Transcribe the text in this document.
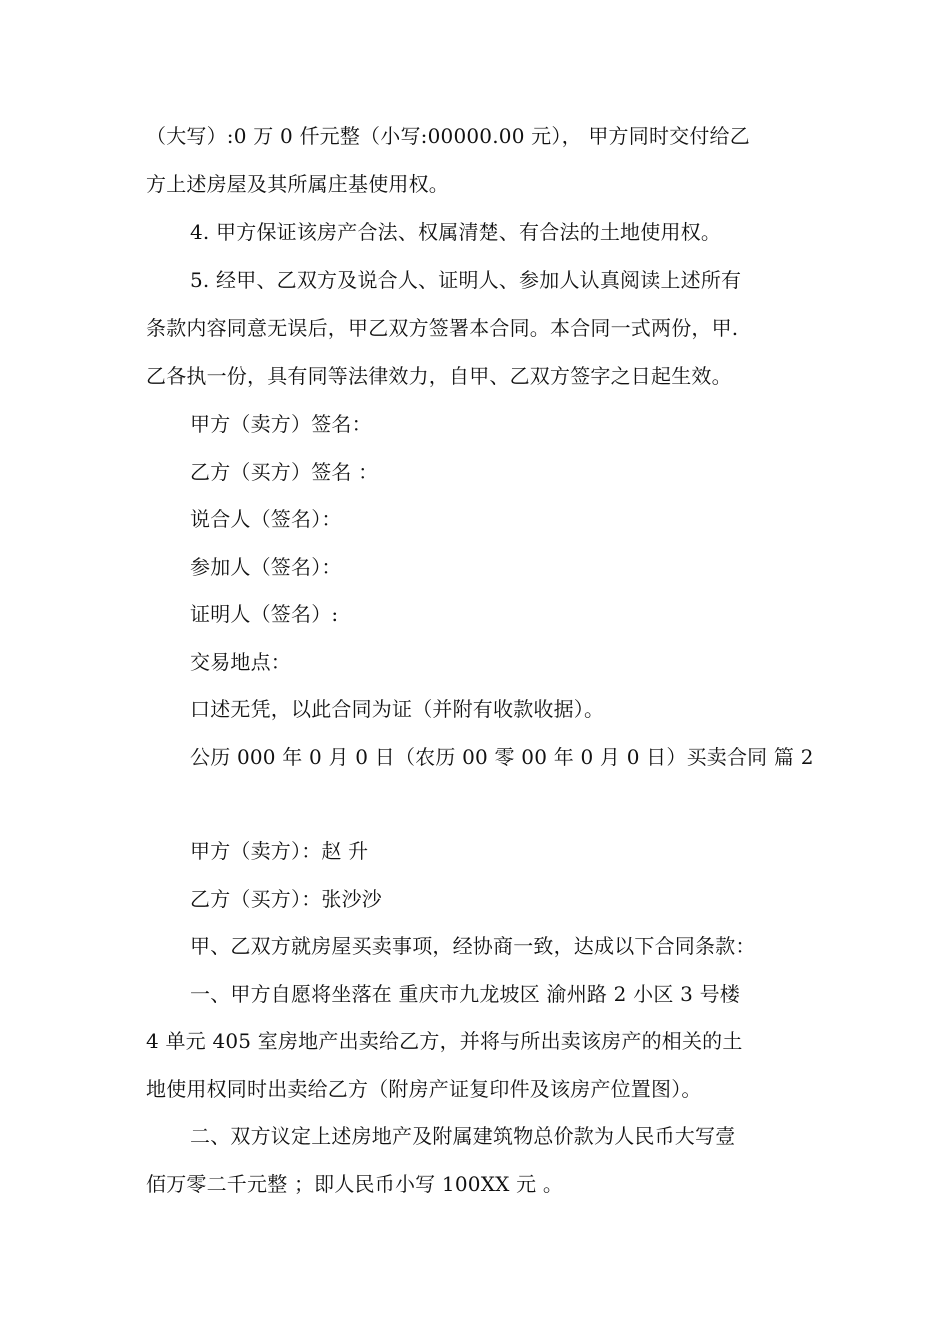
（大写）:0 万 0 仟元整（小写:00000.00 元）， 甲方同时交付给乙
方上述房屋及其所属庄基使用权。
4. 甲方保证该房产合法、权属清楚、有合法的土地使用权。
5. 经甲、乙双方及说合人、证明人、参加人认真阅读上述所有
条款内容同意无误后，甲乙双方签署本合同。本合同一式两份，甲.
乙各执一份，具有同等法律效力，自甲、乙双方签字之日起生效。
甲方（卖方）签名：
乙方（买方）签名 ：
说合人（签名）：
参加人（签名）：
证明人（签名）:
交易地点：
口述无凭，以此合同为证（并附有收款收据）。
公历 000 年 0 月 0 日（农历 00 零 00 年 0 月 0 日）买卖合同 篇 2
甲方（卖方）：赵 升
乙方（买方）：张沙沙
甲、乙双方就房屋买卖事项，经协商一致，达成以下合同条款：
一、甲方自愿将坐落在 重庆市九龙坡区 渝州路 2 小区 3 号楼
4 单元 405 室房地产出卖给乙方，并将与所出卖该房产的相关的土
地使用权同时出卖给乙方（附房产证复印件及该房产位置图）。
二、双方议定上述房地产及附属建筑物总价款为人民币大写壹
佰万零二千元整 ；即人民币小写 100XX 元 。
